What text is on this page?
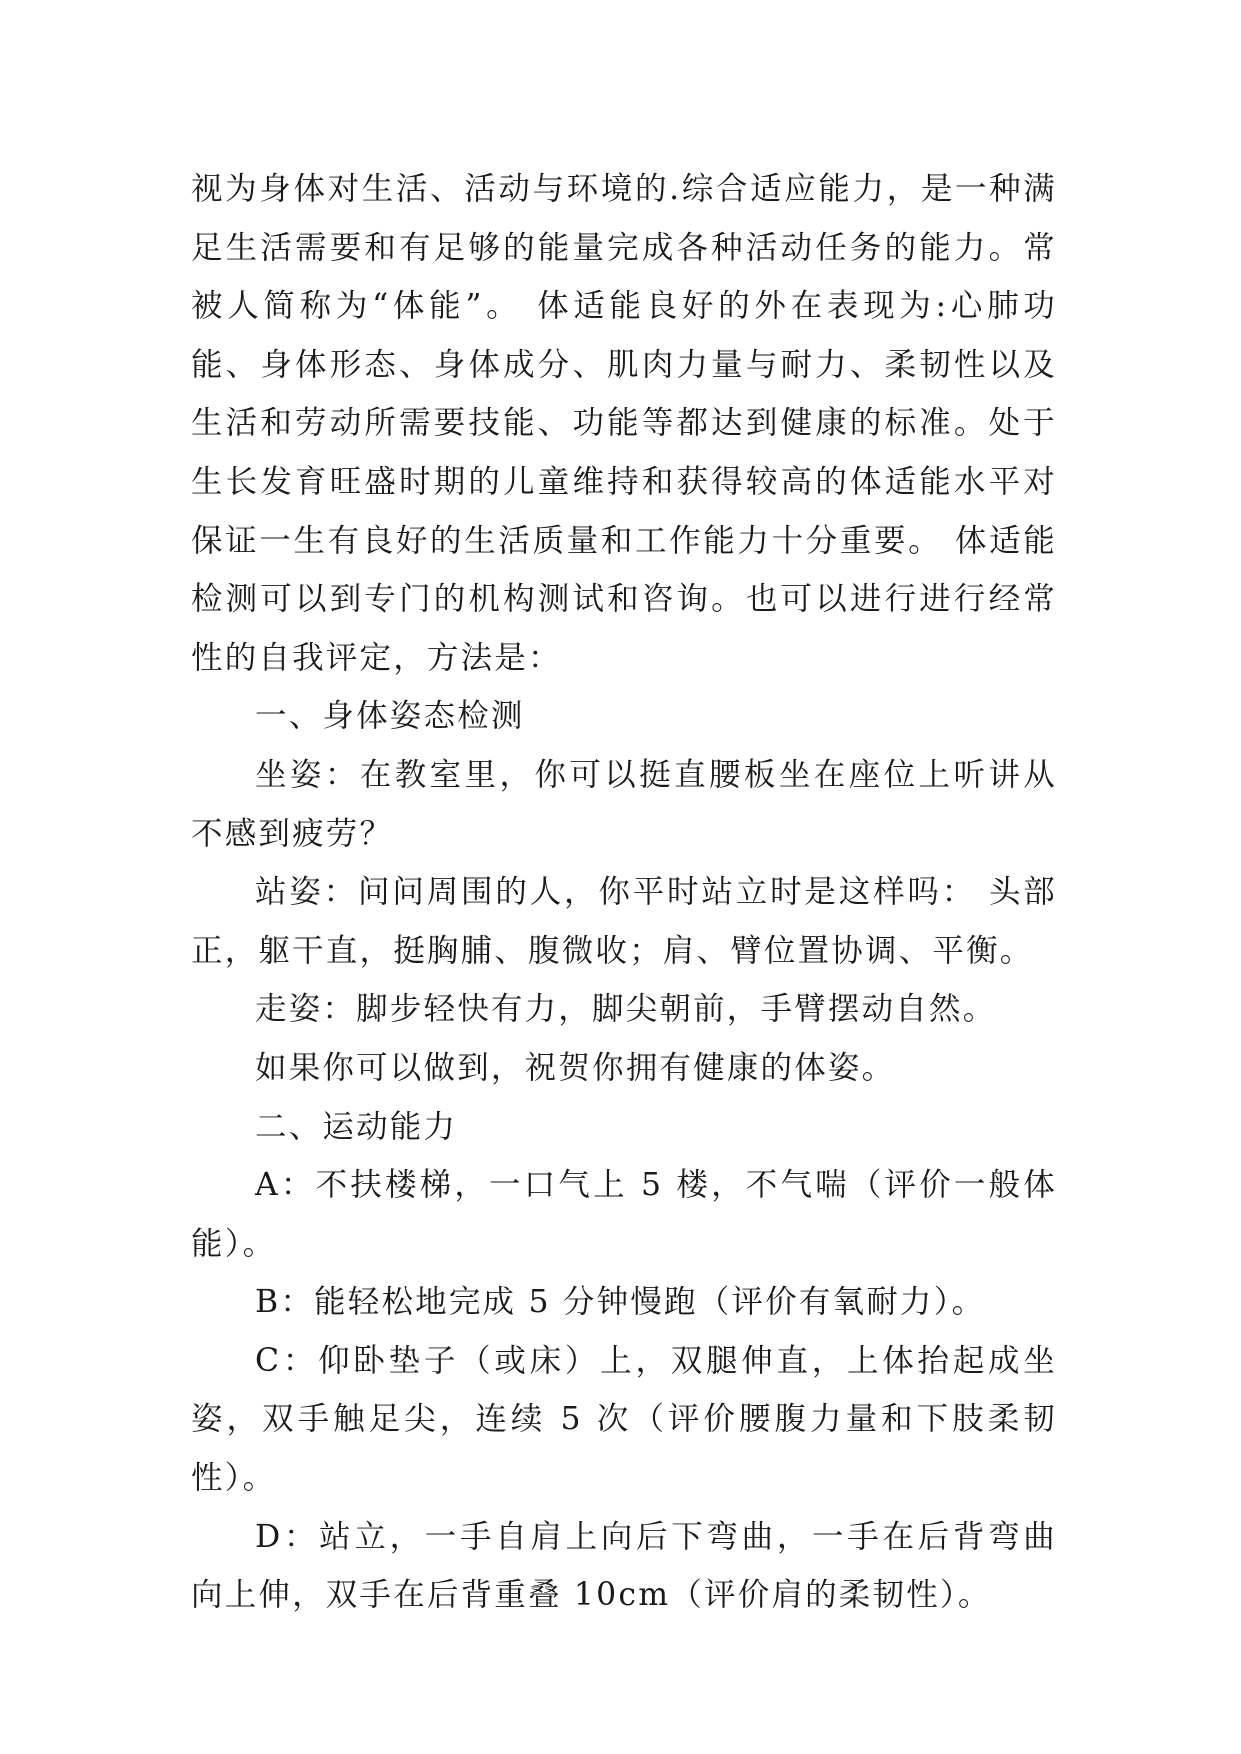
视为身体对生活、活动与环境的.综合适应能力，是一种满足生活需要和有足够的能量完成各种活动任务的能力。常被人简称为“体能”。 体适能良好的外在表现为:心肺功能、身体形态、身体成分、肌肉力量与耐力、柔韧性以及生活和劳动所需要技能、功能等都达到健康的标准。处于生长发育旺盛时期的儿童维持和获得较高的体适能水平对保证一生有良好的生活质量和工作能力十分重要。 体适能检测可以到专门的机构测试和咨询。也可以进行进行经常性的自我评定，方法是：

一、身体姿态检测

坐姿：在教室里，你可以挺直腰板坐在座位上听讲从不感到疲劳？

站姿：问问周围的人，你平时站立时是这样吗： 头部正，躯干直，挺胸脯、腹微收；肩、臂位置协调、平衡。

走姿：脚步轻快有力，脚尖朝前，手臂摆动自然。

如果你可以做到，祝贺你拥有健康的体姿。

二、运动能力

A：不扶楼梯，一口气上 5 楼，不气喘（评价一般体能）。

B：能轻松地完成 5 分钟慢跑（评价有氧耐力）。

C：仰卧垫子（或床）上，双腿伸直，上体抬起成坐姿，双手触足尖，连续 5 次（评价腰腹力量和下肢柔韧性）。

D：站立，一手自肩上向后下弯曲，一手在后背弯曲向上伸，双手在后背重叠 10cm（评价肩的柔韧性）。
